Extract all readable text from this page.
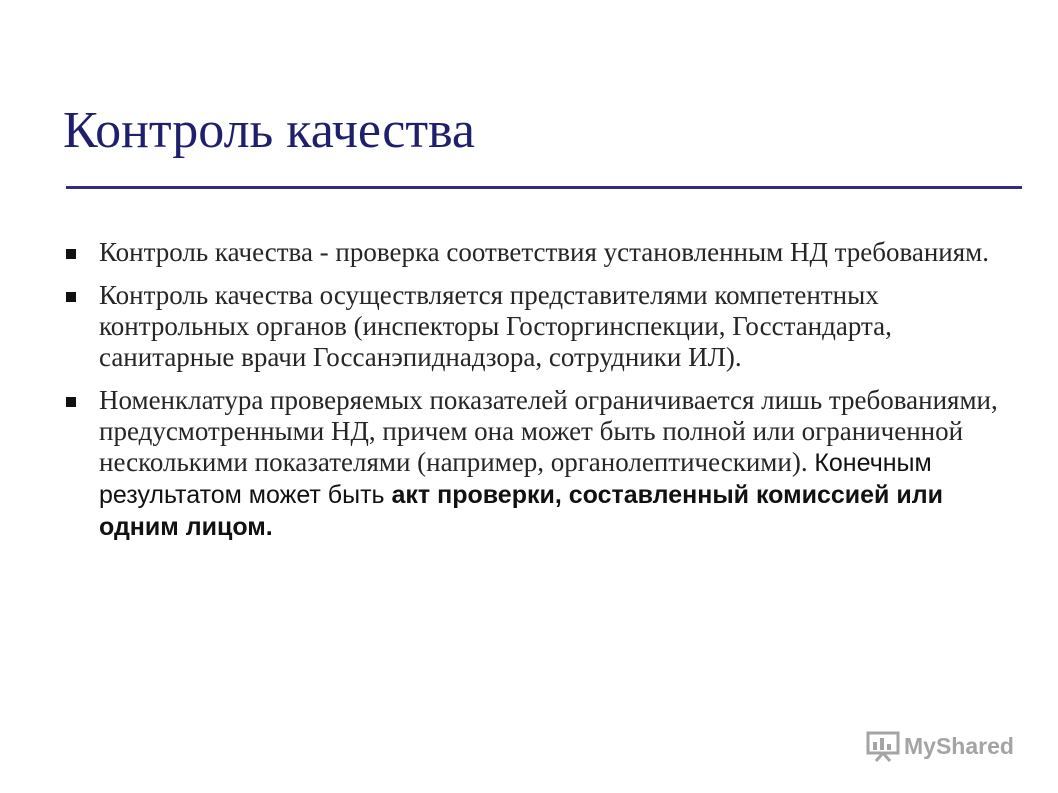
Контроль качества
Контроль качества - проверка соответствия установленным НД требованиям.
Контроль качества осуществляется представителями компетентных контрольных органов (инспекторы Госторгинспекции, Госстандарта, санитарные врачи Госсанэпиднадзора, сотрудники ИЛ).
Номенклатура проверяемых показателей ограничивается лишь требованиями, предусмотренными НД, причем она может быть полной или ограниченной несколькими показателями (например, органолептическими). Конечным результатом может быть акт проверки, составленный комиссией или одним лицом.
MyShared
